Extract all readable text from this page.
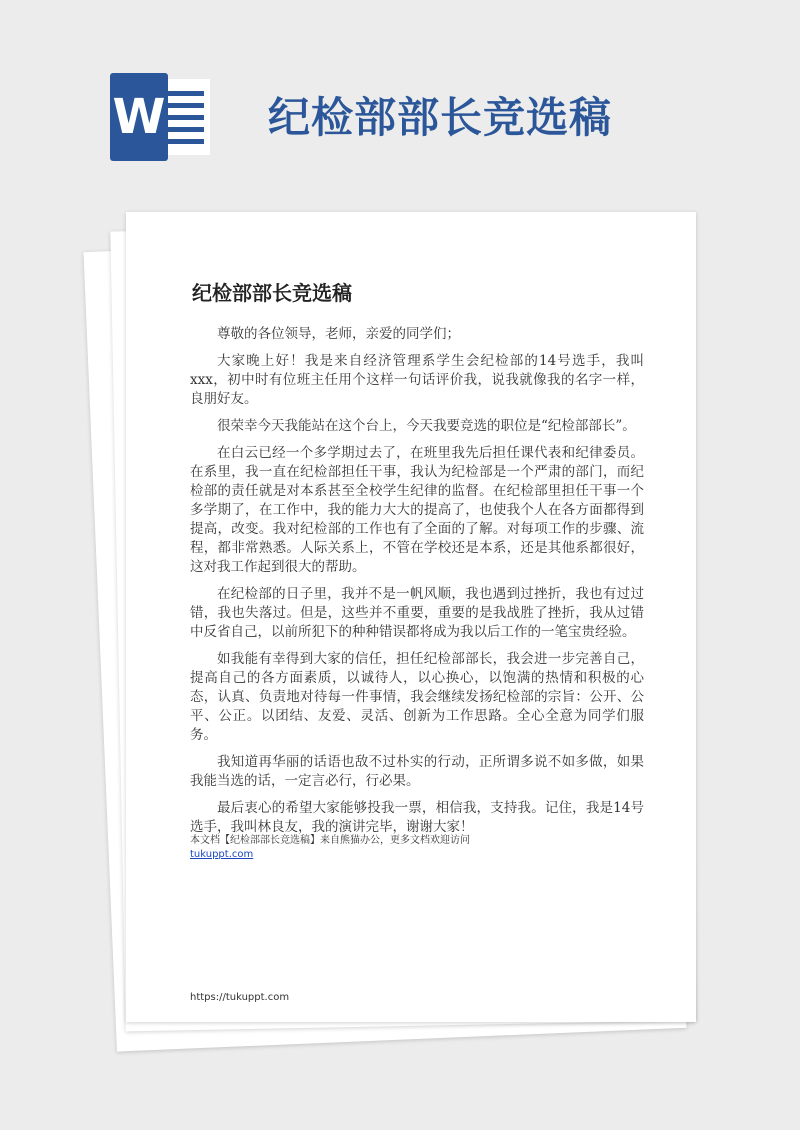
W 纪检部部长竞选稿
纪检部部长竞选稿

尊敬的各位领导，老师，亲爱的同学们；

大家晚上好！我是来自经济管理系学生会纪检部的14号选手，我叫xxx，初中时有位班主任用个这样一句话评价我，说我就像我的名字一样，良朋好友。

很荣幸今天我能站在这个台上，今天我要竞选的职位是“纪检部部长”。

在白云已经一个多学期过去了，在班里我先后担任课代表和纪律委员。在系里，我一直在纪检部担任干事，我认为纪检部是一个严肃的部门，而纪检部的责任就是对本系甚至全校学生纪律的监督。在纪检部里担任干事一个多学期了，在工作中，我的能力大大的提高了，也使我个人在各方面都得到提高，改变。我对纪检部的工作也有了全面的了解。对每项工作的步骤、流程，都非常熟悉。人际关系上，不管在学校还是本系，还是其他系都很好，这对我工作起到很大的帮助。

在纪检部的日子里，我并不是一帆风顺，我也遇到过挫折，我也有过过错，我也失落过。但是，这些并不重要，重要的是我战胜了挫折，我从过错中反省自己，以前所犯下的种种错误都将成为我以后工作的一笔宝贵经验。

如我能有幸得到大家的信任，担任纪检部部长，我会进一步完善自己，提高自己的各方面素质，以诚待人，以心换心，以饱满的热情和积极的心态，认真、负责地对待每一件事情，我会继续发扬纪检部的宗旨：公开、公平、公正。以团结、友爱、灵活、创新为工作思路。全心全意为同学们服务。

我知道再华丽的话语也敌不过朴实的行动，正所谓多说不如多做，如果我能当选的话，一定言必行，行必果。

最后衷心的希望大家能够投我一票，相信我，支持我。记住，我是14号选手，我叫林良友，我的演讲完毕，谢谢大家！

本文档【纪检部部长竞选稿】来自熊猫办公，更多文档欢迎访问
tukuppt.com
https://tukuppt.com
